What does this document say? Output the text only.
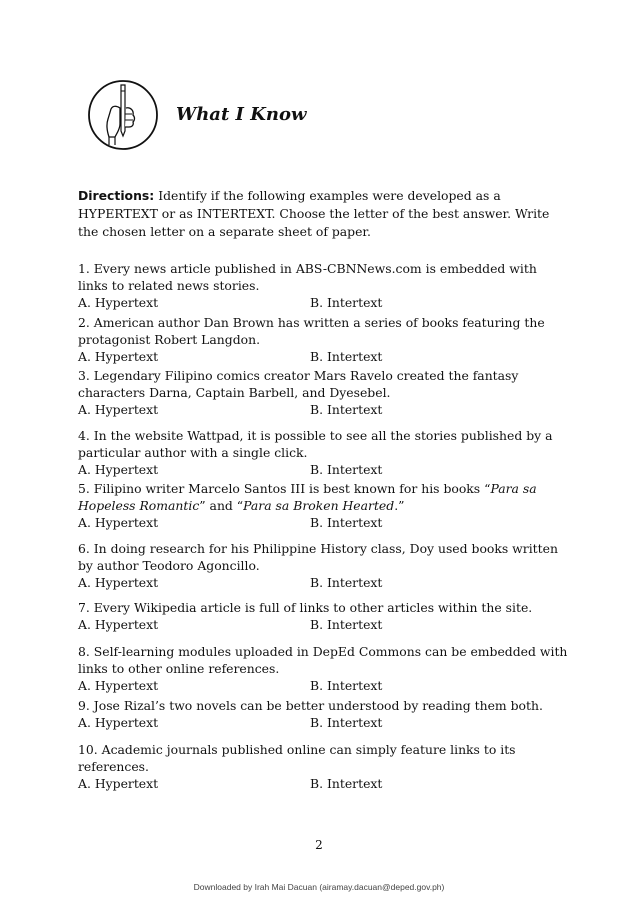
What I Know
Directions: Identify if the following examples were developed as a HYPERTEXT or as INTERTEXT. Choose the letter of the best answer. Write the chosen letter on a separate sheet of paper.
1. Every news article published in ABS-CBNNews.com is embedded with links to related news stories.
A. Hypertext	B. Intertext
2. American author Dan Brown has written a series of books featuring the protagonist Robert Langdon.
A. Hypertext	B. Intertext
3. Legendary Filipino comics creator Mars Ravelo created the fantasy characters Darna, Captain Barbell, and Dyesebel.
A. Hypertext	B. Intertext
4. In the website Wattpad, it is possible to see all the stories published by a particular author with a single click.
A. Hypertext	B. Intertext
5. Filipino writer Marcelo Santos III is best known for his books “Para sa Hopeless Romantic” and “Para sa Broken Hearted.”
A. Hypertext	B. Intertext
6. In doing research for his Philippine History class, Doy used books written by author Teodoro Agoncillo.
A. Hypertext	B. Intertext
7. Every Wikipedia article is full of links to other articles within the site.
A. Hypertext	B. Intertext
8. Self-learning modules uploaded in DepEd Commons can be embedded with links to other online references.
A. Hypertext	B. Intertext
9. Jose Rizal’s two novels can be better understood by reading them both.
A. Hypertext	B. Intertext
10. Academic journals published online can simply feature links to its references.
A. Hypertext	B. Intertext
2
Downloaded by Irah Mai Dacuan (airamay.dacuan@deped.gov.ph)
